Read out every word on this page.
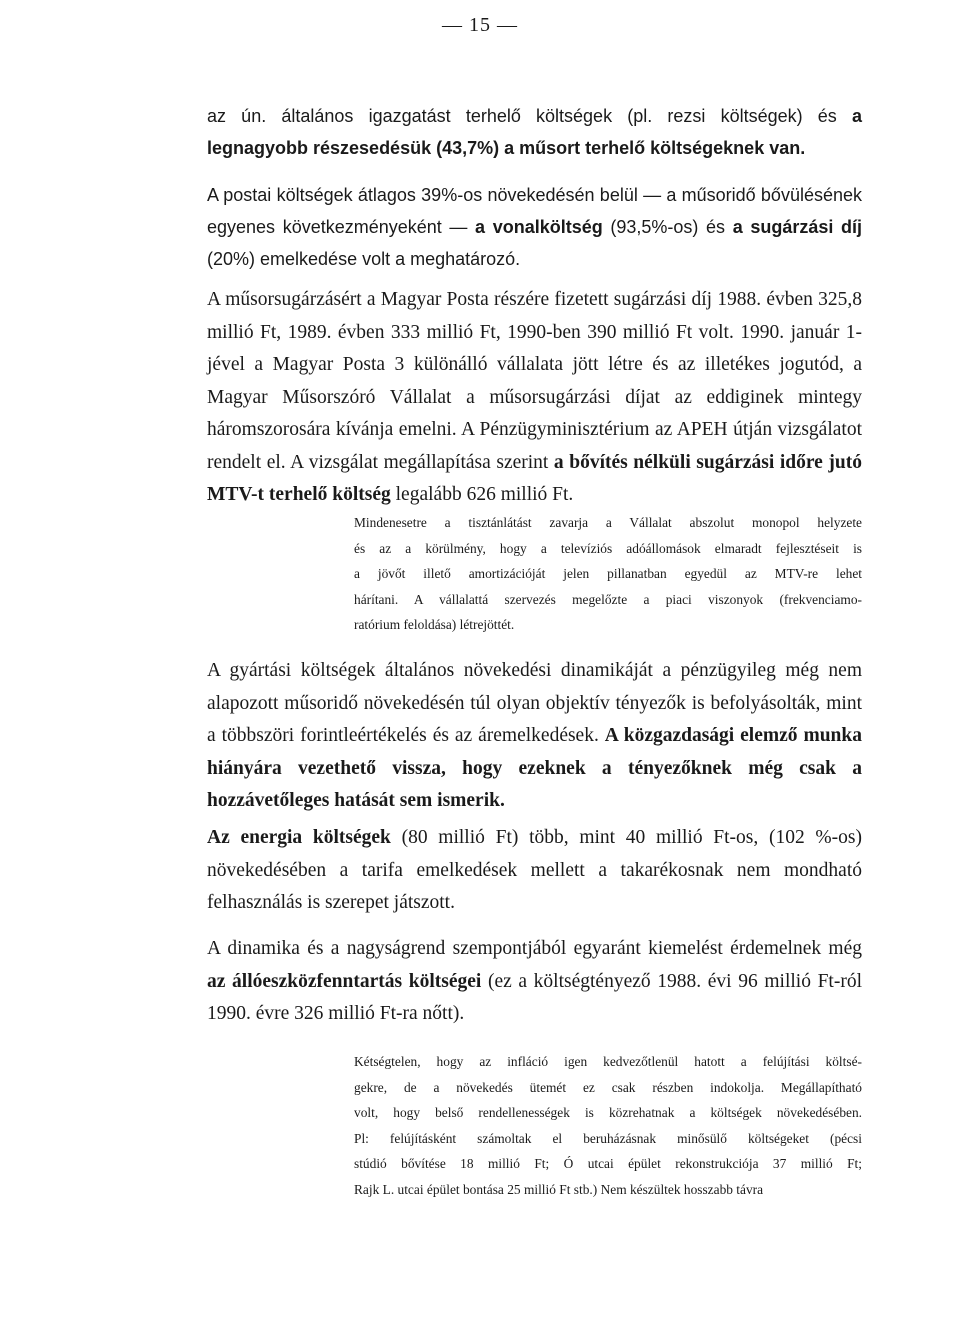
— 15 —

az ún. általános igazgatást terhelő költségek (pl. rezsi költségek) és a legnagyobb részesedésük (43,7%) a műsort terhelő költségeknek van.

A postai költségek átlagos 39%-os növekedésén belül — a műsoridő bővülésének egyenes következményeként — a vonalköltség (93,5%-os) és a sugárzási díj (20%) emelkedése volt a meghatározó.

A műsorsugárzásért a Magyar Posta részére fizetett sugárzási díj 1988. évben 325,8 millió Ft, 1989. évben 333 millió Ft, 1990-ben 390 millió Ft volt. 1990. január 1-jével a Magyar Posta 3 különálló vállalata jött létre és az illetékes jogutód, a Magyar Műsorszóró Vállalat a műsorsugárzási díjat az eddiginek mintegy háromszorosára kívánja emelni. A Pénzügyminisztérium az APEH útján vizsgálatot rendelt el. A vizsgálat megállapítása szerint a bővítés nélküli sugárzási időre jutó MTV-t terhelő költség legalább 626 millió Ft.

Mindenesetre a tisztánlátást zavarja a Vállalat abszolut monopol helyzete
és az a körülmény, hogy a televíziós adóállomások elmaradt fejlesztéseit is
a jövőt illető amortizációját jelen pillanatban egyedül az MTV-re lehet
hárítani. A vállalattá szervezés megelőzte a piaci viszonyok (frekvenciamo-
ratórium feloldása) létrejöttét.

A gyártási költségek általános növekedési dinamikáját a pénzügyileg még nem alapozott műsoridő növekedésén túl olyan objektív tényezők is befolyásolták, mint a többszöri forintleértékelés és az áremelkedések. A közgazdasági elemző munka hiányára vezethető vissza, hogy ezeknek a tényezőknek még csak a hozzávetőleges hatását sem ismerik.

Az energia költségek (80 millió Ft) több, mint 40 millió Ft-os, (102 %-os) növekedésében a tarifa emelkedések mellett a takarékosnak nem mondható felhasználás is szerepet játszott.

A dinamika és a nagyságrend szempontjából egyaránt kiemelést érdemelnek még az állóeszközfenntartás költségei (ez a költségtényező 1988. évi 96 millió Ft-ról 1990. évre 326 millió Ft-ra nőtt).

Kétségtelen, hogy az infláció igen kedvezőtlenül hatott a felújítási költsé-
gekre, de a növekedés ütemét ez csak részben indokolja. Megállapítható
volt, hogy belső rendellenességek is közrehatnak a költségek növekedésében.
Pl: felújításként számoltak el beruházásnak minősülő költségeket (pécsi
stúdió bővítése 18 millió Ft; Ó utcai épület rekonstrukciója 37 millió Ft;
Rajk L. utcai épület bontása 25 millió Ft stb.) Nem készültek hosszabb távra
